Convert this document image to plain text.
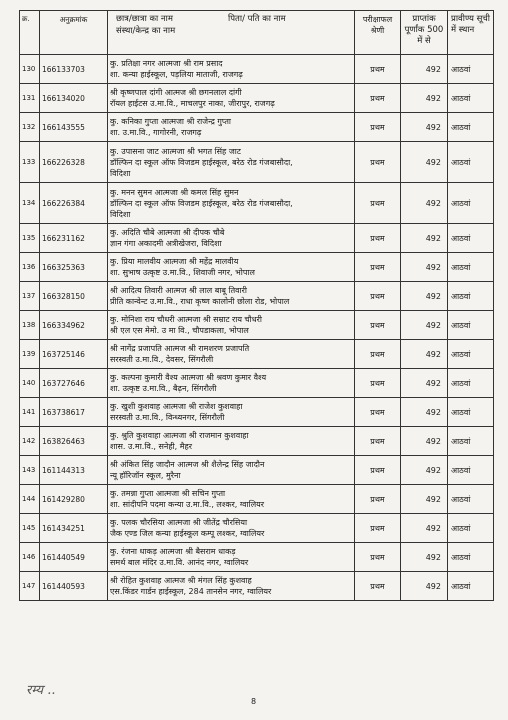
क्र.	अनुक्रमांक	छात्र/छात्रा का नाम पिता/ पति का नाम
संस्था/केन्द्र का नाम	परीक्षाफल श्रेणी	प्राप्तांक पूर्णांक 500 में से	प्रावीण्य सूची में स्थान
130	166133703	कु. प्रतिक्षा नगर आत्मजा श्री राम प्रसाद
शा. कन्या हाईस्कूल, पड़लिया माताजी, राजगढ़	प्रथम	492	आठवां
131	166134020	श्री कृष्णपाल दांगी आत्मज श्री छगनलाल दांगी
रॉयल हाईटस उ.मा.वि., माचलपुर नाका, जीरापुर, राजगढ़	प्रथम	492	आठवां
132	166143555	कु. कनिका गुप्ता आत्मजा श्री राजेन्द्र गुप्ता
शा. उ.मा.वि., गागोरनी, राजगढ़	प्रथम	492	आठवां
133	166226328	कु. उपासना जाट आत्मजा श्री भगत सिंह जाट
डॉल्फिन दा स्कूल ऑफ विजडम हाईस्कूल, बरेठ रोड गंजबासौदा,
विदिशा	प्रथम	492	आठवां
134	166226384	कु. मनन सुमन आत्मजा श्री कमल सिंह सुमन
डॉल्फिन दा स्कूल ऑफ विजडम हाईस्कूल, बरेठ रोड गंजबासौदा,
विदिशा	प्रथम	492	आठवां
135	166231162	कु. अदिति चौबे आत्मजा श्री दीपक चौबे
ज्ञान गंगा अकादमी अत्रीखेजरा, विदिशा	प्रथम	492	आठवां
136	166325363	कु. प्रिया मालवीय आत्मजा श्री महेंद्र मालवीय
शा. सुभाष उत्कृष्ट उ.मा.वि., शिवाजी नगर, भोपाल	प्रथम	492	आठवां
137	166328150	श्री आदित्य तिवारी आत्मज श्री लाल बाबू तिवारी
प्रीति कान्वेन्ट उ.मा.वि., राधा कृष्ण कालोनी छोला रोड, भोपाल	प्रथम	492	आठवां
138	166334962	कु. मोनिशा राय चौधरी आत्मजा श्री सम्राट राय चौधरी
श्री एल एस मेमो. उ मा वि., चौपडाकला, भोपाल	प्रथम	492	आठवां
139	163725146	श्री नागेंद्र प्रजापति आत्मज श्री रामशरण प्रजापति
सरस्वती उ.मा.वि., देवसर, सिंगरौली	प्रथम	492	आठवां
140	163727646	कु. कल्पना कुमारी वैश्य आत्मजा श्री श्रवण कुमार वैश्य
शा. उत्कृष्ट उ.मा.वि., बैढ़न, सिंगरौली	प्रथम	492	आठवां
141	163738617	कु. खुशी कुशवाह आत्मजा श्री राजेश कुशवाहा
सरस्वती उ.मा.वि., विन्ध्यनगर, सिंगरौली	प्रथम	492	आठवां
142	163826463	कु. श्रुति कुशवाहा आत्मजा श्री राजमान कुशवाहा
शास. उ.मा.वि., सनेही, मैहर	प्रथम	492	आठवां
143	161144313	श्री अंकित सिंह जादौन आत्मज श्री शैलेन्द्र सिंह जादौन
न्यू हॉरिजॉन स्कूल, मुरैना	प्रथम	492	आठवां
144	161429280	कु. तमन्ना गुप्ता आत्मजा श्री सचिन गुप्ता
शा. सांदीपनि पदमा कन्या उ.मा.वि., लश्कर, ग्वालियर	प्रथम	492	आठवां
145	161434251	कु. पलक चौरसिया आत्मजा श्री जीतेंद्र चौरसिया
जैक एण्ड जिल कन्या हाईस्कूल कम्पू लश्कर, ग्वालियर	प्रथम	492	आठवां
146	161440549	कु. रंजना धाकड़ आत्मजा श्री बैसराम धाकड़
समर्थ बाल मंदिर उ.मा.वि. आनंद नगर, ग्वालियर	प्रथम	492	आठवां
147	161440593	श्री रोहित कुशवाह आत्मज श्री मंगल सिंह कुशवाह
एस.किंडर गार्डन हाईस्कूल, 284 तानसेन नगर, ग्वालियर	प्रथम	492	आठवां
रम्य ..
8
